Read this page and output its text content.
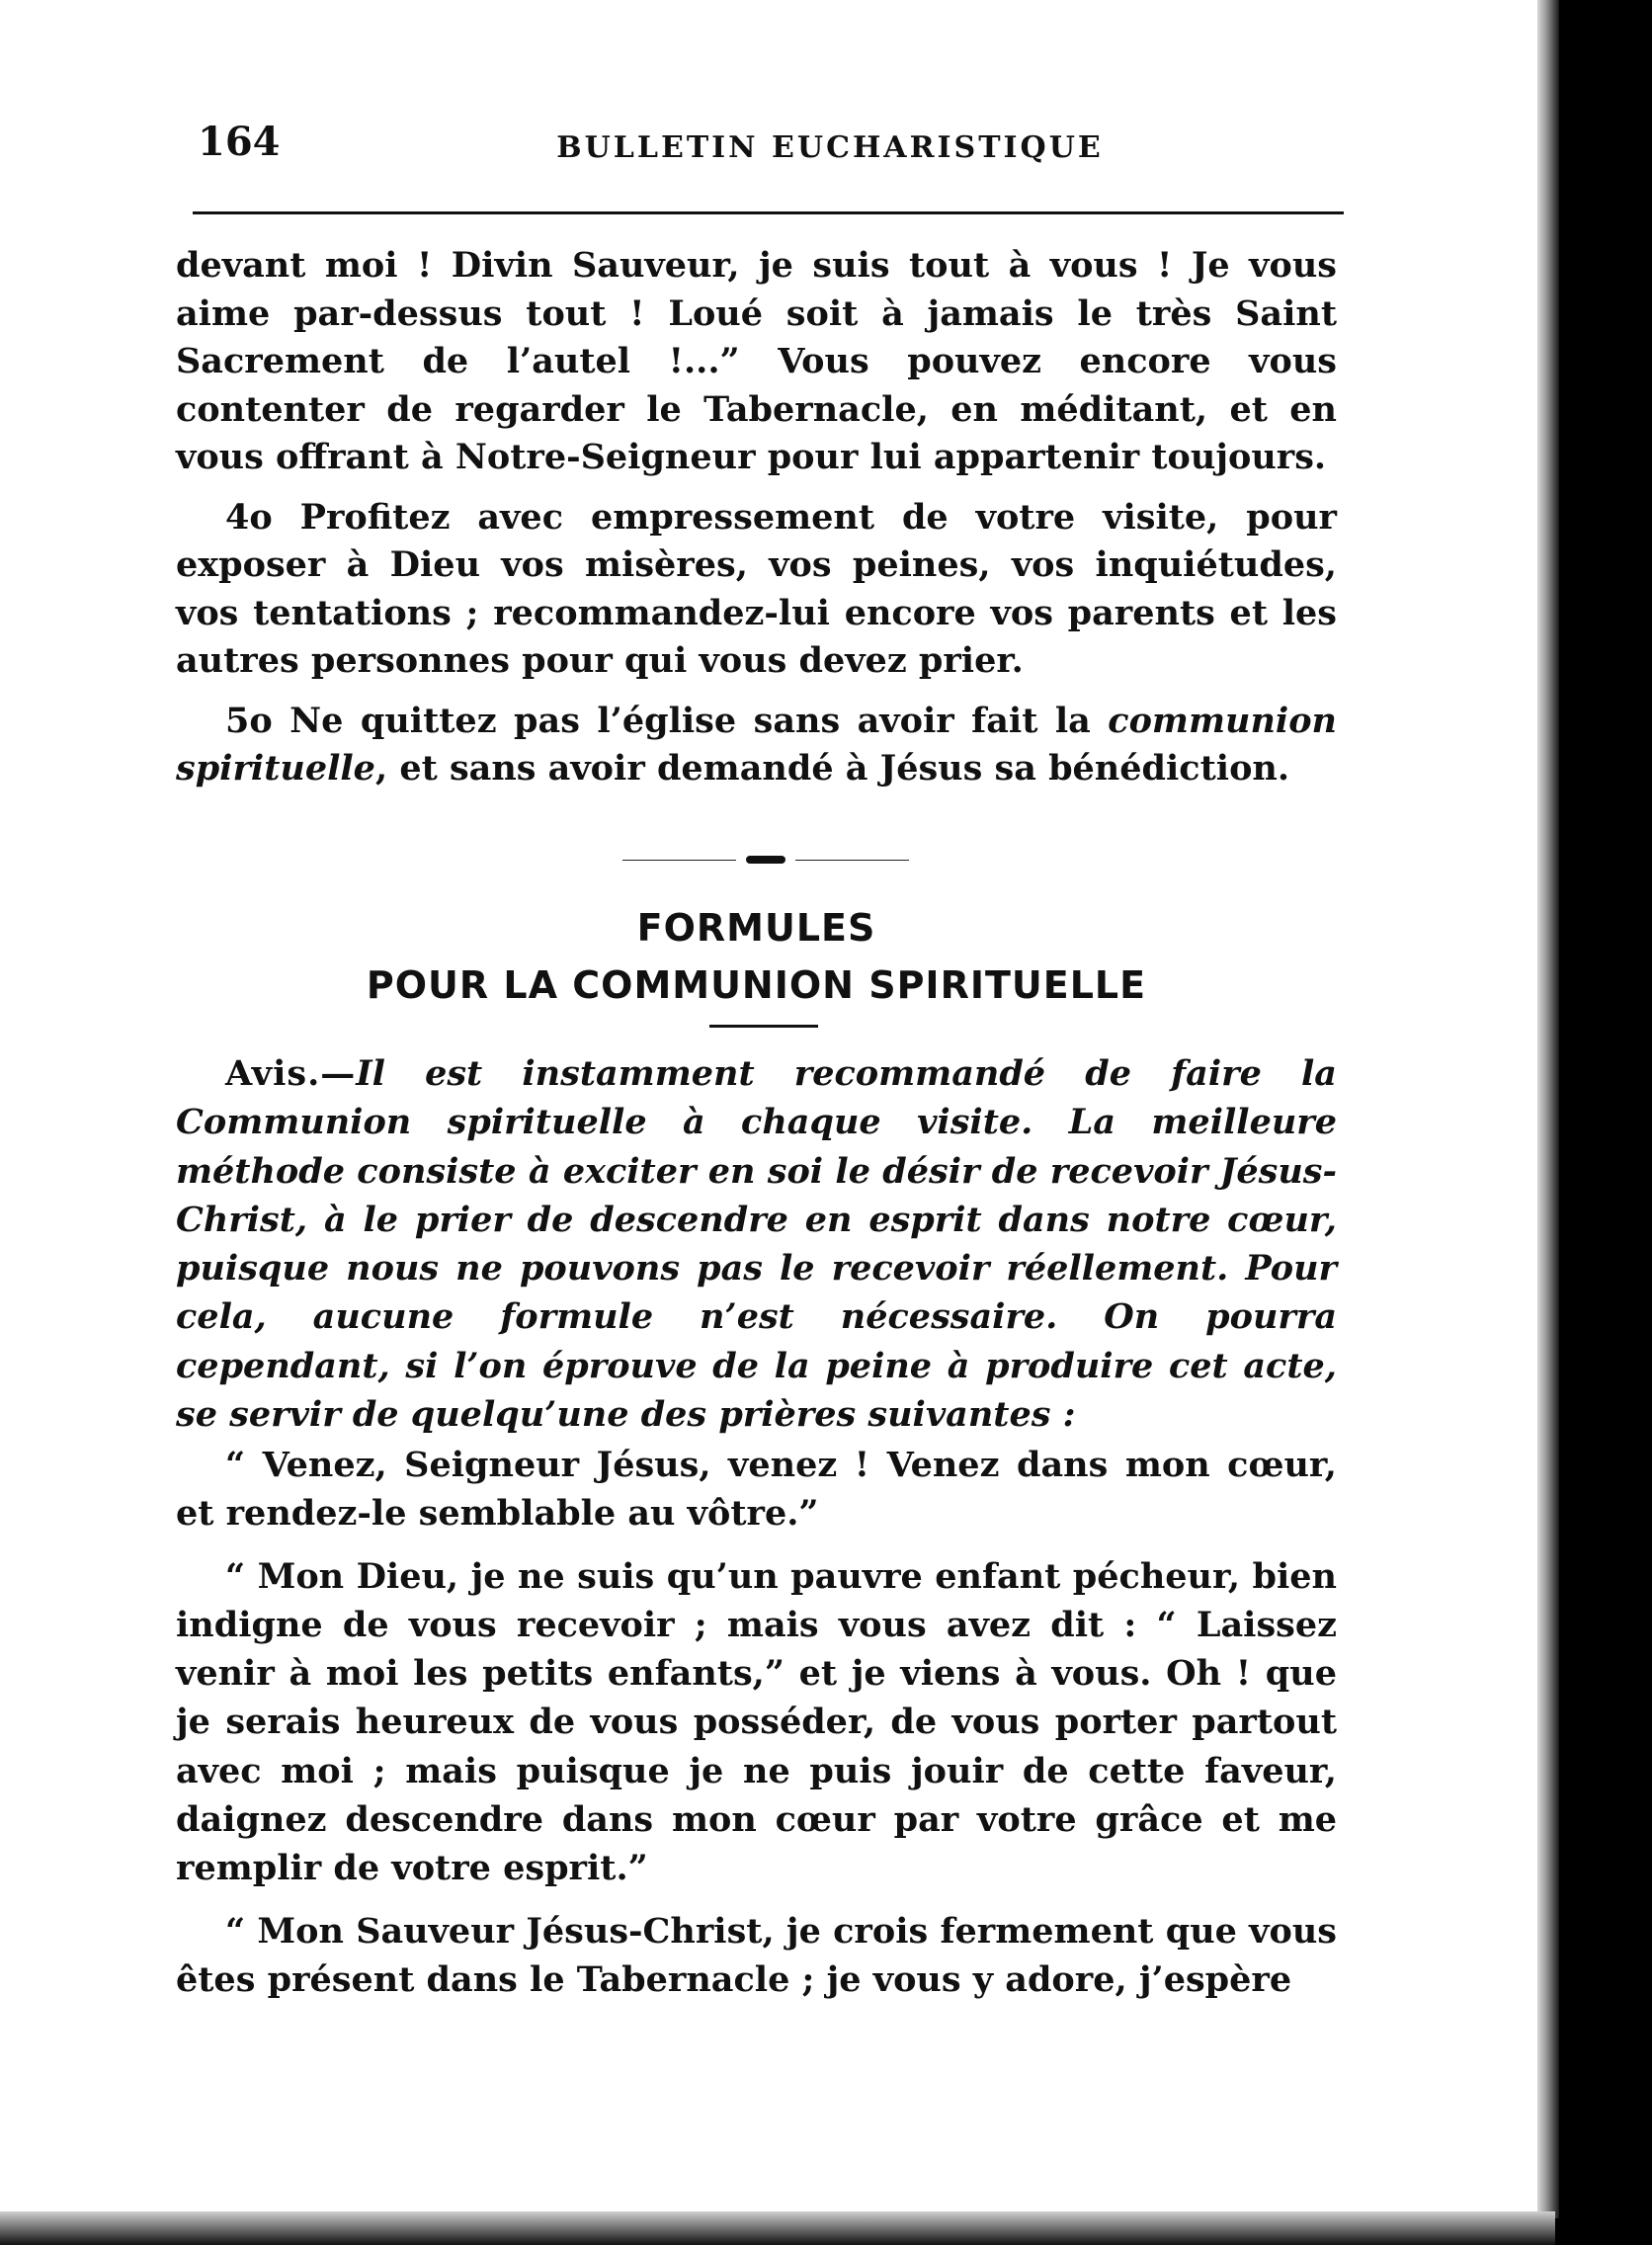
164	BULLETIN EUCHARISTIQUE

devant moi ! Divin Sauveur, je suis tout à vous ! Je vous aime par-dessus tout ! Loué soit à jamais le très Saint Sacrement de l’autel !...” Vous pouvez encore vous contenter de regarder le Tabernacle, en méditant, et en vous offrant à Notre-Seigneur pour lui appartenir toujours.

4o Profitez avec empressement de votre visite, pour exposer à Dieu vos misères, vos peines, vos inquiétudes, vos tentations ; recommandez-lui encore vos parents et les autres personnes pour qui vous devez prier.

5o Ne quittez pas l’église sans avoir fait la communion spirituelle, et sans avoir demandé à Jésus sa bénédiction.

FORMULES
POUR LA COMMUNION SPIRITUELLE

Avis.—Il est instamment recommandé de faire la Communion spirituelle à chaque visite. La meilleure méthode consiste à exciter en soi le désir de recevoir Jésus-Christ, à le prier de descendre en esprit dans notre cœur, puisque nous ne pouvons pas le recevoir réellement. Pour cela, aucune formule n’est nécessaire. On pourra cependant, si l’on éprouve de la peine à produire cet acte, se servir de quelqu’une des prières suivantes :

“ Venez, Seigneur Jésus, venez ! Venez dans mon cœur, et rendez-le semblable au vôtre.”

“ Mon Dieu, je ne suis qu’un pauvre enfant pécheur, bien indigne de vous recevoir ; mais vous avez dit : “ Laissez venir à moi les petits enfants,” et je viens à vous. Oh ! que je serais heureux de vous posséder, de vous porter partout avec moi ; mais puisque je ne puis jouir de cette faveur, daignez descendre dans mon cœur par votre grâce et me remplir de votre esprit.”

“ Mon Sauveur Jésus-Christ, je crois fermement que vous êtes présent dans le Tabernacle ; je vous y adore, j’espère
